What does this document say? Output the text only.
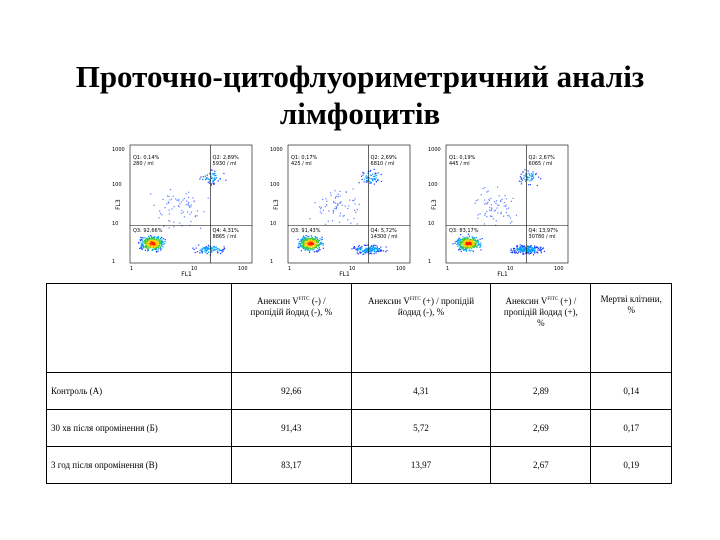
Проточно-цитофлуориметричний аналіз
лімфоцитів
Q1: 0,14%
280 / ml
Q2: 2,89%
5930 / ml
Q3: 92,66%	Q4: 4,31%
8865 / ml
1000
100
10
1
1	10	100
FL1
FL3
Q1: 0,17%
425 / ml
Q2: 2,69%
6810 / ml
Q3: 91,43%	Q4: 5,72%
14300 / ml
1000
100
10
1
1	10	100
FL1
FL3
Q1: 0,19%
445 / ml
Q2: 2,67%
6065 / ml
Q3: 83,17%	Q4: 13,97%
30780 / ml
1000
100
10
1
1	10	100
FL1
FL3

	Анексин $V^{FITC}$ (-) / пропідій йодид (-), %	Анексин $V^{FITC}$ (+) / пропідій йодид (-), %	Анексин $V^{FITC}$ (+) / пропідій йодид (+), %	Мертві клітини, %

Контроль (А)	92,66	4,31	2,89	0,14
30 хв після опромінення (Б)	91,43	5,72	2,69	0,17
3 год після опромінення (В)	83,17	13,97	2,67	0,19
